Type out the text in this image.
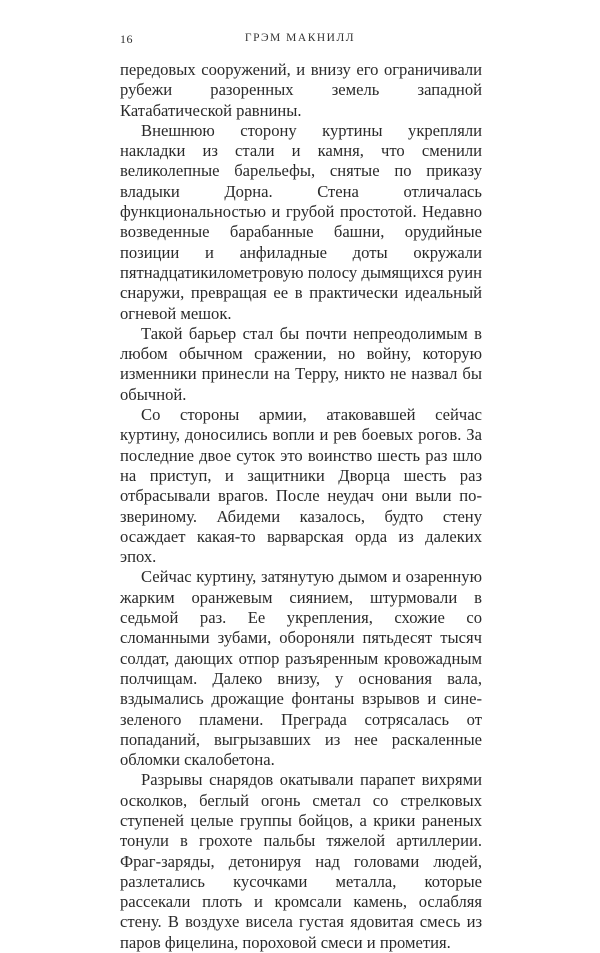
16	ГРЭМ МАКНИЛЛ

передовых сооружений, и внизу его ограничивали рубежи разоренных земель западной Катабатической равнины.

Внешнюю сторону куртины укрепляли накладки из стали и камня, что сменили великолепные барельефы, снятые по приказу владыки Дорна. Стена отличалась функциональностью и грубой простотой. Недавно возведенные барабанные башни, орудийные позиции и анфиладные доты окружали пятнадцатикилометровую полосу дымящихся руин снаружи, превращая ее в практически идеальный огневой мешок.

Такой барьер стал бы почти непреодолимым в любом обычном сражении, но войну, которую изменники принесли на Терру, никто не назвал бы обычной.

Со стороны армии, атаковавшей сейчас куртину, доносились вопли и рев боевых рогов. За последние двое суток это воинство шесть раз шло на приступ, и защитники Дворца шесть раз отбрасывали врагов. После неудач они выли по-звериному. Абидеми казалось, будто стену осаждает какая-то варварская орда из далеких эпох.

Сейчас куртину, затянутую дымом и озаренную жарким оранжевым сиянием, штурмовали в седьмой раз. Ее укрепления, схожие со сломанными зубами, обороняли пятьдесят тысяч солдат, дающих отпор разъяренным кровожадным полчищам. Далеко внизу, у основания вала, вздымались дрожащие фонтаны взрывов и сине-зеленого пламени. Преграда сотрясалась от попаданий, выгрызавших из нее раскаленные обломки скалобетона.

Разрывы снарядов окатывали парапет вихрями осколков, беглый огонь сметал со стрелковых ступеней целые группы бойцов, а крики раненых тонули в грохоте пальбы тяжелой артиллерии. Фраг-заряды, детонируя над головами людей, разлетались кусочками металла, которые рассекали плоть и кромсали камень, ослабляя стену. В воздухе висела густая ядовитая смесь из паров фицелина, пороховой смеси и прометия.
